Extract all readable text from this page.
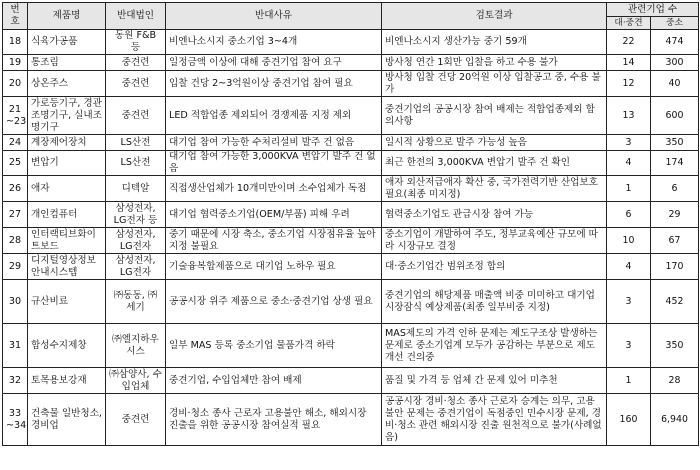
번호	제품명	반대법인	반대사유	검토결과	관련기업 수	
					대·중견	중소
18	식육가공품	동원 F&B 등	비엔나소시지 중소기업 3~4개	비엔나소시지 생산가능 중기 59개	22	474
19	통조림	중견련	일정금액 이상에 대해 중견기업 참여 요구	방사청 연간 1회만 입찰을 하고 수용 불가	14	300
20	상온주스	중견련	입찰 건당 2~3억원이상 중견기업 참여 필요	방사청 입찰 건당 20억원 이상 입찰공고 중, 수용 불가	12	40
21 ~23	가로등기구, 경관조명기구, 실내조명기구	중견련	LED 적합업종 제외되어 경쟁제품 지정 제외	중견기업의 공공시장 참여 배제는 적합업종제외 합의사항	13	600
24	계장제어장치	LS산전	대기업 참여 가능한 수처리설비 발주 건 없음	일시적 상황으로 발주 가능성 높음	3	350
25	변압기	LS산전	대기업 참여 가능한 3,000KVA 변압기 발주 건 없음	최근 한전의 3,000KVA 변압기 발주 건 확인	4	174
26	애자	디텍알	직접생산업체가 10개미만이며 소수업체가 독점	애자 외산저급애자 확산 중, 국가전력기반 산업보호 필요(최종 미지정)	1	6
27	개인컴퓨터	삼성전자, LG전자 등	대기업 협력중소기업(OEM/부품) 피해 우려	협력중소기업도 관급시장 참여 가능	6	29
28	인터랙티브화이트보드	삼성전자, LG전자	중기 때문에 시장 축소, 중소기업 시장점유율 높아 지정 불필요	중소기업이 개발하여 주도, 정부교육예산 규모에 따라 시장규모 결정	10	67
29	디지털영상정보안내시스템	삼성전자, LG전자	기술융복합제품으로 대기업 노하우 필요	대·중소기업간 범위조정 합의	4	170
30	규산비료	㈜동동, ㈜세기	공공시장 위주 제품으로 중소·중견기업 상생 필요	중견기업의 해당제품 매출액 비중 미미하고 대기업 시장잠식 예상제품(최종 일부비중 지정)	3	452
31	합성수지제창	㈜엘지하우시스	일부 MAS 등록 중소기업 물품가격 하락	MAS제도의 가격 인하 문제는 제도구조상 발생하는 문제로 중소기업계 모두가 공감하는 부분으로 제도개선 건의중	3	350
32	토목용보강재	㈜삼양사, 수입업체	중견기업, 수입업체만 참여 배제	품질 및 가격 등 업체 간 문제 있어 미추천	1	28
33 ~34	건축물 일반청소, 경비업	중견련	경비·청소 종사 근로자 고용불안 해소, 해외시장 진출을 위한 공공시장 참여실적 필요	공공시장 경비·청소 종사 근로자 승계는 의무, 고용불안 문제는 중견기업이 독점중인 민수시장 문제, 경비·청소 관련 해외시장 진출 원천적으로 불가(사례없음)	160	6,940
